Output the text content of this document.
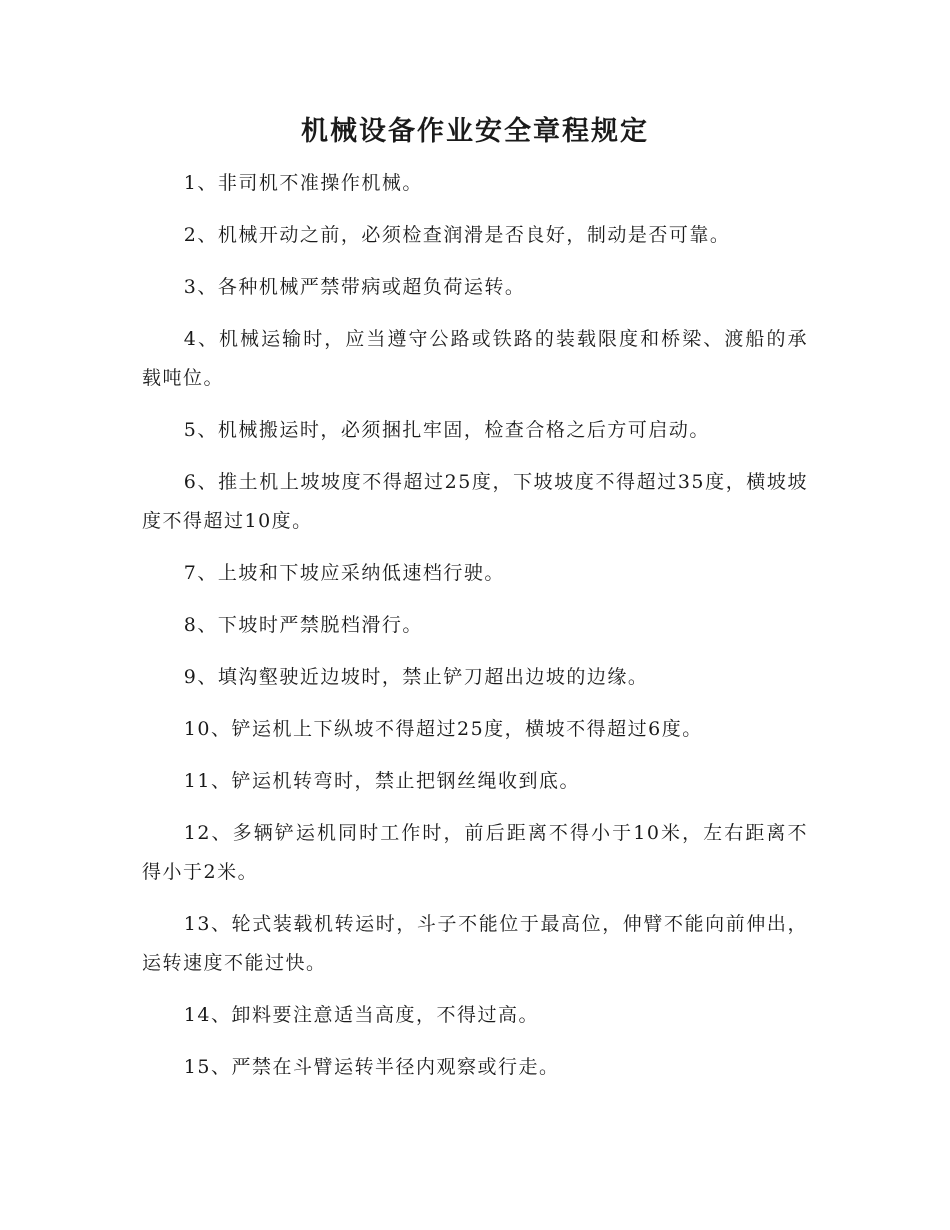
机械设备作业安全章程规定

1、非司机不准操作机械。

2、机械开动之前，必须检查润滑是否良好，制动是否可靠。

3、各种机械严禁带病或超负荷运转。

4、机械运输时，应当遵守公路或铁路的装载限度和桥梁、渡船的承载吨位。

5、机械搬运时，必须捆扎牢固，检查合格之后方可启动。

6、推土机上坡坡度不得超过25度，下坡坡度不得超过35度，横坡坡度不得超过10度。

7、上坡和下坡应采纳低速档行驶。

8、下坡时严禁脱档滑行。

9、填沟壑驶近边坡时，禁止铲刀超出边坡的边缘。

10、铲运机上下纵坡不得超过25度，横坡不得超过6度。

11、铲运机转弯时，禁止把钢丝绳收到底。

12、多辆铲运机同时工作时，前后距离不得小于10米，左右距离不得小于2米。

13、轮式装载机转运时，斗子不能位于最高位，伸臂不能向前伸出，运转速度不能过快。

14、卸料要注意适当高度，不得过高。

15、严禁在斗臂运转半径内观察或行走。
